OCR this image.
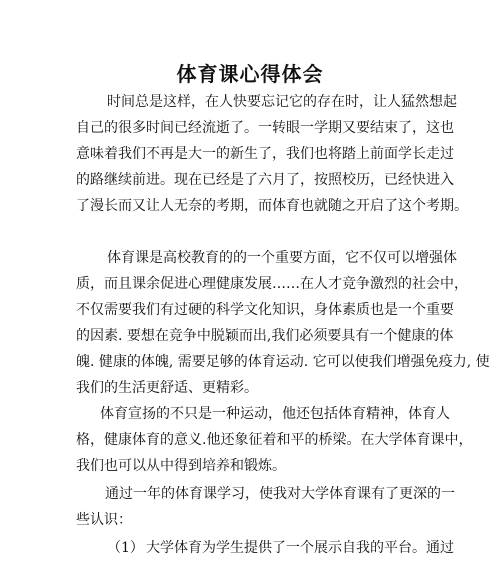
体育课心得体会
时间总是这样，在人快要忘记它的存在时，让人猛然想起
自己的很多时间已经流逝了。一转眼一学期又要结束了，这也
意味着我们不再是大一的新生了，我们也将踏上前面学长走过
的路继续前进。现在已经是了六月了，按照校历，已经快进入
了漫长而又让人无奈的考期，而体育也就随之开启了这个考期。
体育课是高校教育的的一个重要方面，它不仅可以增强体
质，而且课余促进心理健康发展……在人才竞争激烈的社会中，
不仅需要我们有过硬的科学文化知识，身体素质也是一个重要
的因素. 要想在竞争中脱颖而出,我们必须要具有一个健康的体
魄. 健康的体魄, 需要足够的体育运动. 它可以使我们增强免疫力, 使
我们的生活更舒适、更精彩。
体育宣扬的不只是一种运动，他还包括体育精神，体育人
格，健康体育的意义.他还象征着和平的桥梁。在大学体育课中，
我们也可以从中得到培养和锻炼。
通过一年的体育课学习，使我对大学体育课有了更深的一
些认识：
（1） 大学体育为学生提供了一个展示自我的平台。通过
